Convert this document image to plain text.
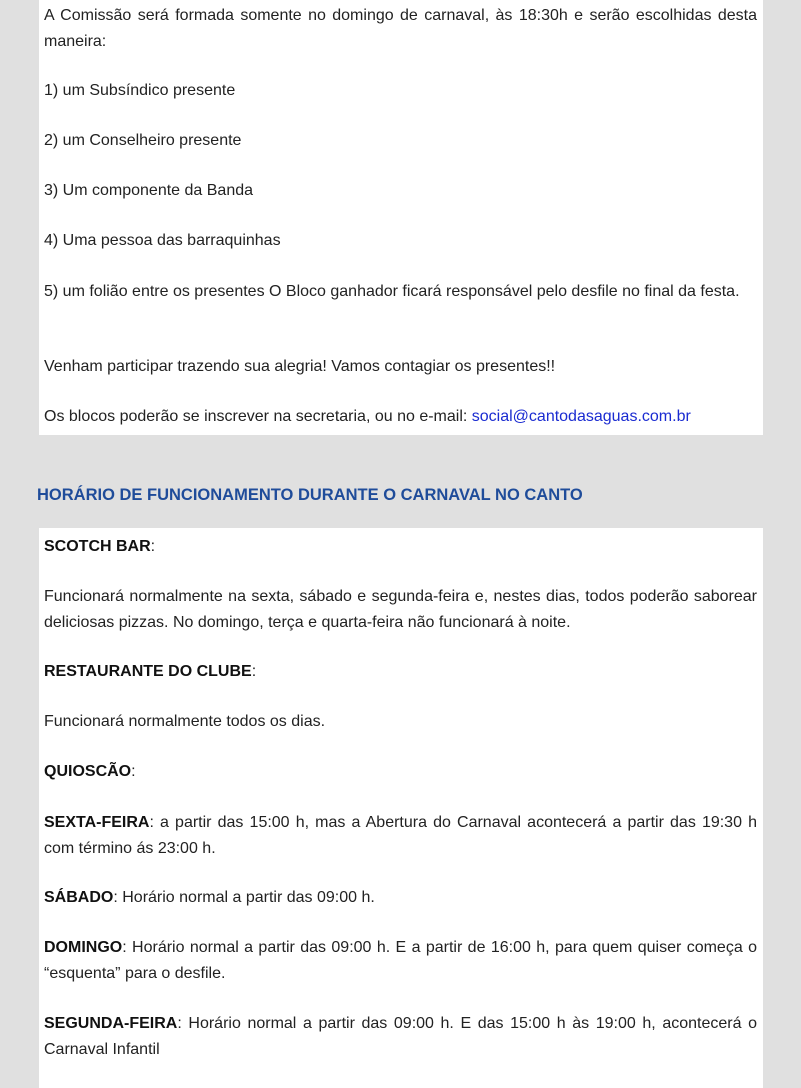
A Comissão será formada somente no domingo de carnaval, às 18:30h e serão escolhidas desta maneira:

1) um Subsíndico presente

2) um Conselheiro presente

3) Um componente da Banda

4) Uma pessoa das barraquinhas

5) um folião entre os presentes O Bloco ganhador ficará responsável pelo desfile no final da festa.

Venham participar trazendo sua alegria! Vamos contagiar os presentes!!

Os blocos poderão se inscrever na secretaria, ou no e-mail: social@cantodasaguas.com.br

HORÁRIO DE FUNCIONAMENTO DURANTE O CARNAVAL NO CANTO

SCOTCH BAR:

Funcionará normalmente na sexta, sábado e segunda-feira e, nestes dias, todos poderão saborear deliciosas pizzas. No domingo, terça e quarta-feira não funcionará à noite.

RESTAURANTE DO CLUBE:

Funcionará normalmente todos os dias.

QUIOSCÃO:

SEXTA-FEIRA: a partir das 15:00 h, mas a Abertura do Carnaval acontecerá a partir das 19:30 h com término ás 23:00 h.

SÁBADO: Horário normal a partir das 09:00 h.

DOMINGO: Horário normal a partir das 09:00 h. E a partir de 16:00 h, para quem quiser começa o “esquenta” para o desfile.

SEGUNDA-FEIRA: Horário normal a partir das 09:00 h. E das 15:00 h às 19:00 h, acontecerá o Carnaval Infantil
